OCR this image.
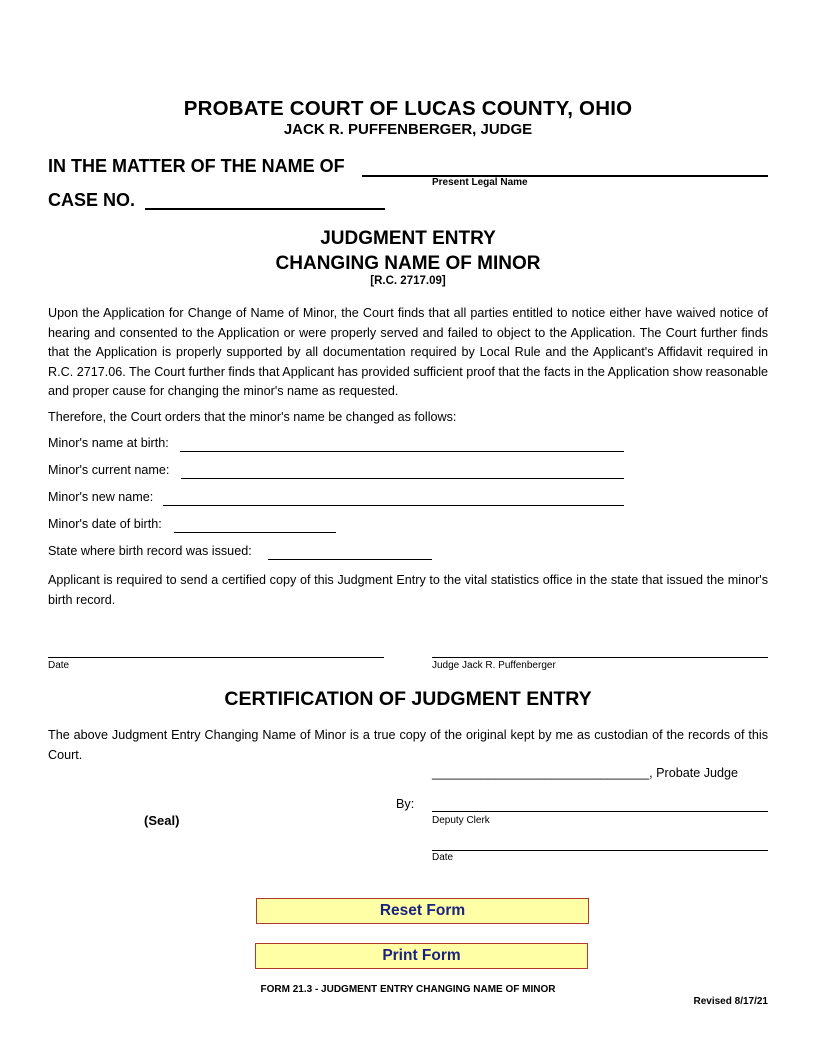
PROBATE COURT OF LUCAS COUNTY, OHIO
JACK R. PUFFENBERGER, JUDGE
IN THE MATTER OF THE NAME OF
Present Legal Name
CASE NO.
JUDGMENT ENTRY
CHANGING NAME OF MINOR
[R.C. 2717.09]
Upon the Application for Change of Name of Minor, the Court finds that all parties entitled to notice either have waived notice of hearing and consented to the Application or were properly served and failed to object to the Application. The Court further finds that the Application is properly supported by all documentation required by Local Rule and the Applicant's Affidavit required in R.C. 2717.06. The Court further finds that Applicant has provided sufficient proof that the facts in the Application show reasonable and proper cause for changing the minor's name as requested.
Therefore, the Court orders that the minor's name be changed as follows:
Minor's name at birth:
Minor's current name:
Minor's new name:
Minor's date of birth:
State where birth record was issued:
Applicant is required to send a certified copy of this Judgment Entry to the vital statistics office in the state that issued the minor's birth record.
Date	Judge Jack R. Puffenberger
CERTIFICATION OF JUDGMENT ENTRY
The above Judgment Entry Changing Name of Minor is a true copy of the original kept by me as custodian of the records of this Court.
_______________________________, Probate Judge
By:
Deputy Clerk
(Seal)
Date
Reset Form
Print Form
FORM 21.3 - JUDGMENT ENTRY CHANGING NAME OF MINOR
Revised 8/17/21
